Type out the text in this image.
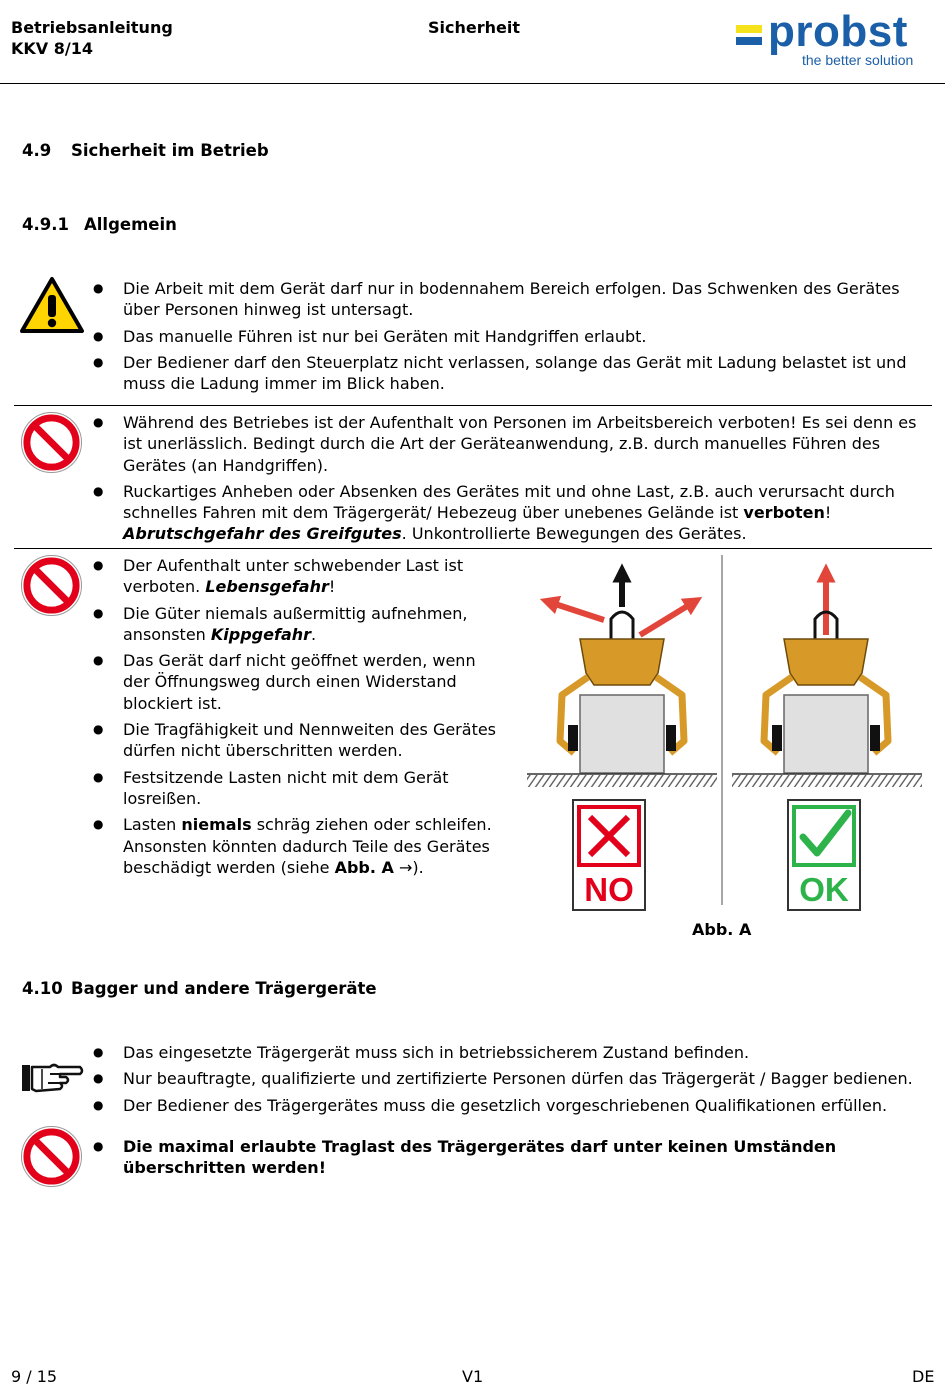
Betriebsanleitung
KKV 8/14
Sicherheit	probst
the better solution
4.9 Sicherheit im Betrieb
4.9.1 Allgemein
● Die Arbeit mit dem Gerät darf nur in bodennahem Bereich erfolgen. Das Schwenken des Gerätes über Personen hinweg ist untersagt.
● Das manuelle Führen ist nur bei Geräten mit Handgriffen erlaubt.
● Der Bediener darf den Steuerplatz nicht verlassen, solange das Gerät mit Ladung belastet ist und muss die Ladung immer im Blick haben.
● Während des Betriebes ist der Aufenthalt von Personen im Arbeitsbereich verboten! Es sei denn es ist unerlässlich. Bedingt durch die Art der Geräteanwendung, z.B. durch manuelles Führen des Gerätes (an Handgriffen).
● Ruckartiges Anheben oder Absenken des Gerätes mit und ohne Last, z.B. auch verursacht durch schnelles Fahren mit dem Trägergerät/ Hebezeug über unebenes Gelände ist verboten!
Abrutschgefahr des Greifgutes. Unkontrollierte Bewegungen des Gerätes.
● Der Aufenthalt unter schwebender Last ist verboten. Lebensgefahr!
● Die Güter niemals außermittig aufnehmen, ansonsten Kippgefahr.
● Das Gerät darf nicht geöffnet werden, wenn der Öffnungsweg durch einen Widerstand blockiert ist.
● Die Tragfähigkeit und Nennweiten des Gerätes dürfen nicht überschritten werden.
● Festsitzende Lasten nicht mit dem Gerät losreißen.
● Lasten niemals schräg ziehen oder schleifen. Ansonsten könnten dadurch Teile des Gerätes beschädigt werden (siehe Abb. A →).
NO	OK
Abb. A
4.10 Bagger und andere Trägergeräte
● Das eingesetzte Trägergerät muss sich in betriebssicherem Zustand befinden.
● Nur beauftragte, qualifizierte und zertifizierte Personen dürfen das Trägergerät / Bagger bedienen.
● Der Bediener des Trägergerätes muss die gesetzlich vorgeschriebenen Qualifikationen erfüllen.
● Die maximal erlaubte Traglast des Trägergerätes darf unter keinen Umständen überschritten werden!
9 / 15	V1	DE
